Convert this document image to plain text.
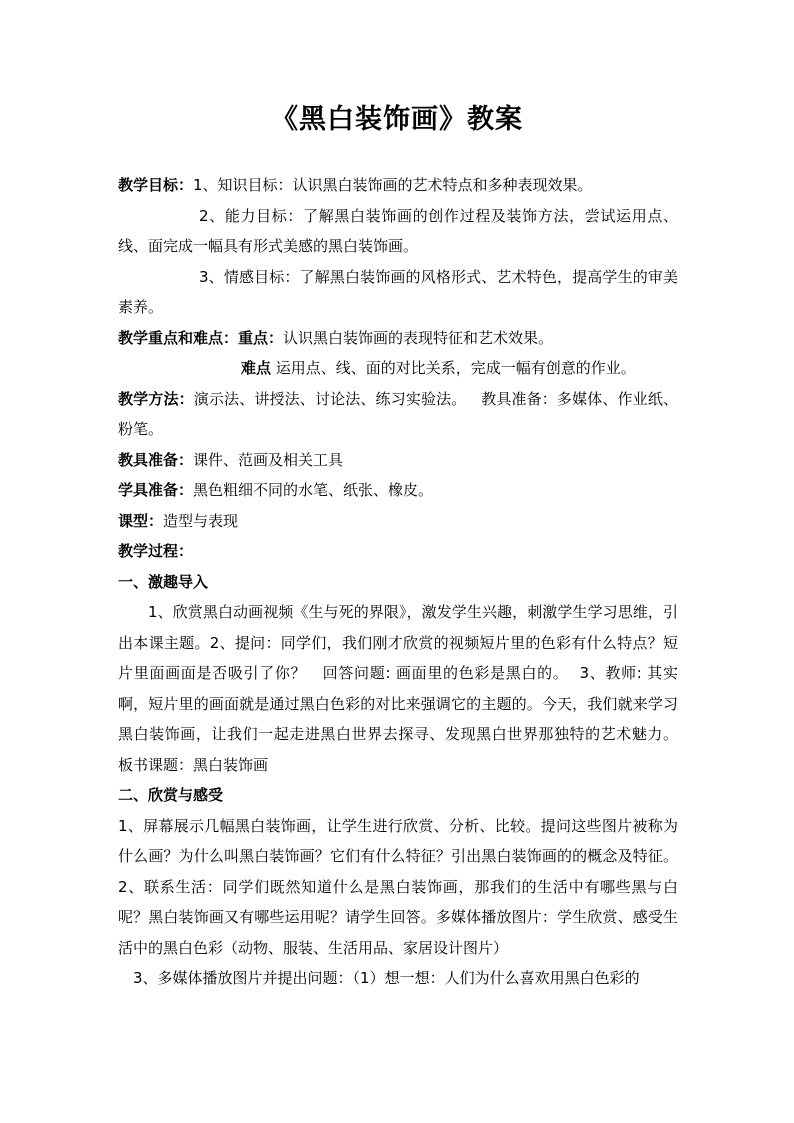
《黑白装饰画》教案

教学目标：1、知识目标：认识黑白装饰画的艺术特点和多种表现效果。

2、能力目标：了解黑白装饰画的创作过程及装饰方法，尝试运用点、线、面完成一幅具有形式美感的黑白装饰画。

3、情感目标：了解黑白装饰画的风格形式、艺术特色，提高学生的审美素养。

教学重点和难点：重点：认识黑白装饰画的表现特征和艺术效果。

难点 运用点、线、面的对比关系，完成一幅有创意的作业。

教学方法：演示法、讲授法、讨论法、练习实验法。   教具准备：多媒体、作业纸、粉笔。

教具准备：课件、范画及相关工具

学具准备：黑色粗细不同的水笔、纸张、橡皮。

课型：造型与表现

教学过程：

一、激趣导入

1、欣赏黑白动画视频《生与死的界限》，激发学生兴趣，刺激学生学习思维，引出本课主题。2、提问：同学们，我们刚才欣赏的视频短片里的色彩有什么特点？短片里面画面是否吸引了你？   回答问题: 画面里的色彩是黑白的。  3、教师: 其实啊，短片里的画面就是通过黑白色彩的对比来强调它的主题的。今天，我们就来学习黑白装饰画，让我们一起走进黑白世界去探寻、发现黑白世界那独特的艺术魅力。   板书课题：黑白装饰画

二、欣赏与感受

1、屏幕展示几幅黑白装饰画，让学生进行欣赏、分析、比较。提问这些图片被称为什么画？为什么叫黑白装饰画？它们有什么特征？引出黑白装饰画的的概念及特征。2、联系生活：同学们既然知道什么是黑白装饰画，那我们的生活中有哪些黑与白呢？黑白装饰画又有哪些运用呢？请学生回答。多媒体播放图片：学生欣赏、感受生活中的黑白色彩（动物、服装、生活用品、家居设计图片）

3、多媒体播放图片并提出问题：（1）想一想：人们为什么喜欢用黑白色彩的
